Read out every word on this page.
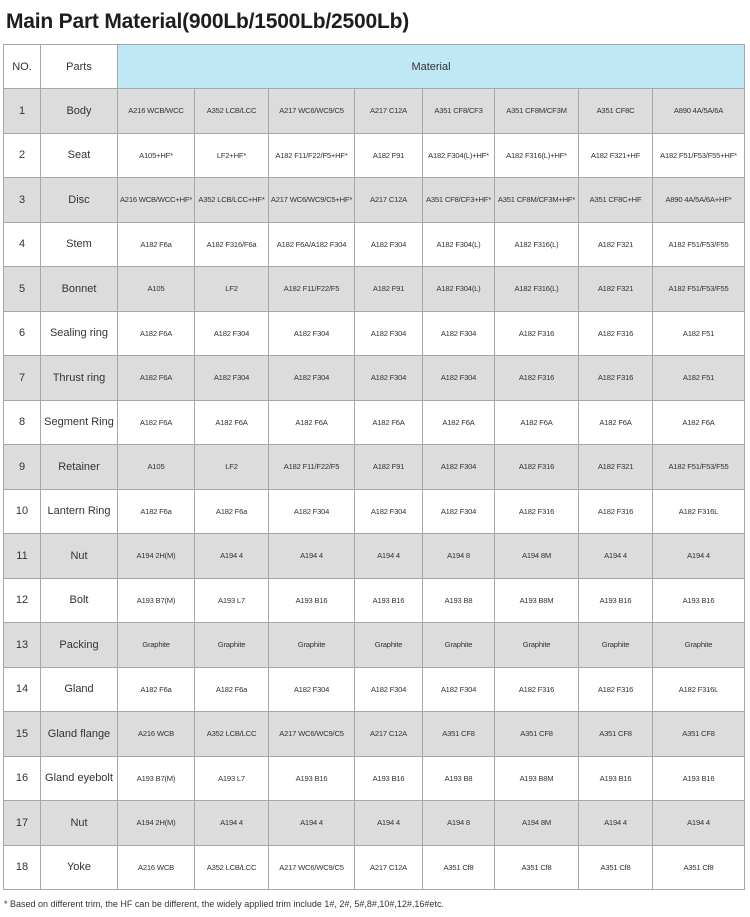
Main Part Material(900Lb/1500Lb/2500Lb)
NO.	Parts	Material							
1	Body	A216 WCB/WCC	A352 LCB/LCC	A217 WC6/WC9/C5	A217 C12A	A351 CF8/CF3	A351 CF8M/CF3M	A351 CF8C	A890 4A/5A/6A
2	Seat	A105+HF*	LF2+HF*	A182 F11/F22/F5+HF*	A182 F91	A182 F304(L)+HF*	A182 F316(L)+HF*	A182 F321+HF	A182 F51/F53/F55+HF*
3	Disc	A216 WCB/WCC+HF*	A352 LCB/LCC+HF*	A217 WC6/WC9/C5+HF*	A217 C12A	A351 CF8/CF3+HF*	A351 CF8M/CF3M+HF*	A351 CF8C+HF	A890 4A/5A/6A+HF*
4	Stem	A182 F6a	A182 F316/F6a	A182 F6A/A182 F304	A182 F304	A182 F304(L)	A182 F316(L)	A182 F321	A182 F51/F53/F55
5	Bonnet	A105	LF2	A182 F11/F22/F5	A182 F91	A182 F304(L)	A182 F316(L)	A182 F321	A182 F51/F53/F55
6	Sealing ring	A182 F6A	A182 F304	A182 F304	A182 F304	A182 F304	A182 F316	A182 F316	A182 F51
7	Thrust ring	A182 F6A	A182 F304	A182 F304	A182 F304	A182 F304	A182 F316	A182 F316	A182 F51
8	Segment Ring	A182 F6A	A182 F6A	A182 F6A	A182 F6A	A182 F6A	A182 F6A	A182 F6A	A182 F6A
9	Retainer	A105	LF2	A182 F11/F22/F5	A182 F91	A182 F304	A182 F316	A182 F321	A182 F51/F53/F55
10	Lantern Ring	A182 F6a	A182 F6a	A182 F304	A182 F304	A182 F304	A182 F316	A182 F316	A182 F316L
11	Nut	A194 2H(M)	A194 4	A194 4	A194 4	A194 8	A194 8M	A194 4	A194 4
12	Bolt	A193 B7(M)	A193 L7	A193 B16	A193 B16	A193 B8	A193 B8M	A193 B16	A193 B16
13	Packing	Graphite	Graphite	Graphite	Graphite	Graphite	Graphite	Graphite	Graphite
14	Gland	A182 F6a	A182 F6a	A182 F304	A182 F304	A182 F304	A182 F316	A182 F316	A182 F316L
15	Gland flange	A216 WCB	A352 LCB/LCC	A217 WC6/WC9/C5	A217 C12A	A351 CF8	A351 CF8	A351 CF8	A351 CF8
16	Gland eyebolt	A193 B7(M)	A193 L7	A193 B16	A193 B16	A193 B8	A193 B8M	A193 B16	A193 B16
17	Nut	A194 2H(M)	A194 4	A194 4	A194 4	A194 8	A194 8M	A194 4	A194 4
18	Yoke	A216 WCB	A352 LCB/LCC	A217 WC6/WC9/C5	A217 C12A	A351 Cf8	A351 Cf8	A351 Cf8	A351 Cf8
* Based on different trim, the HF can be different, the widely applied trim include 1#, 2#, 5#,8#,10#,12#,16#etc.
